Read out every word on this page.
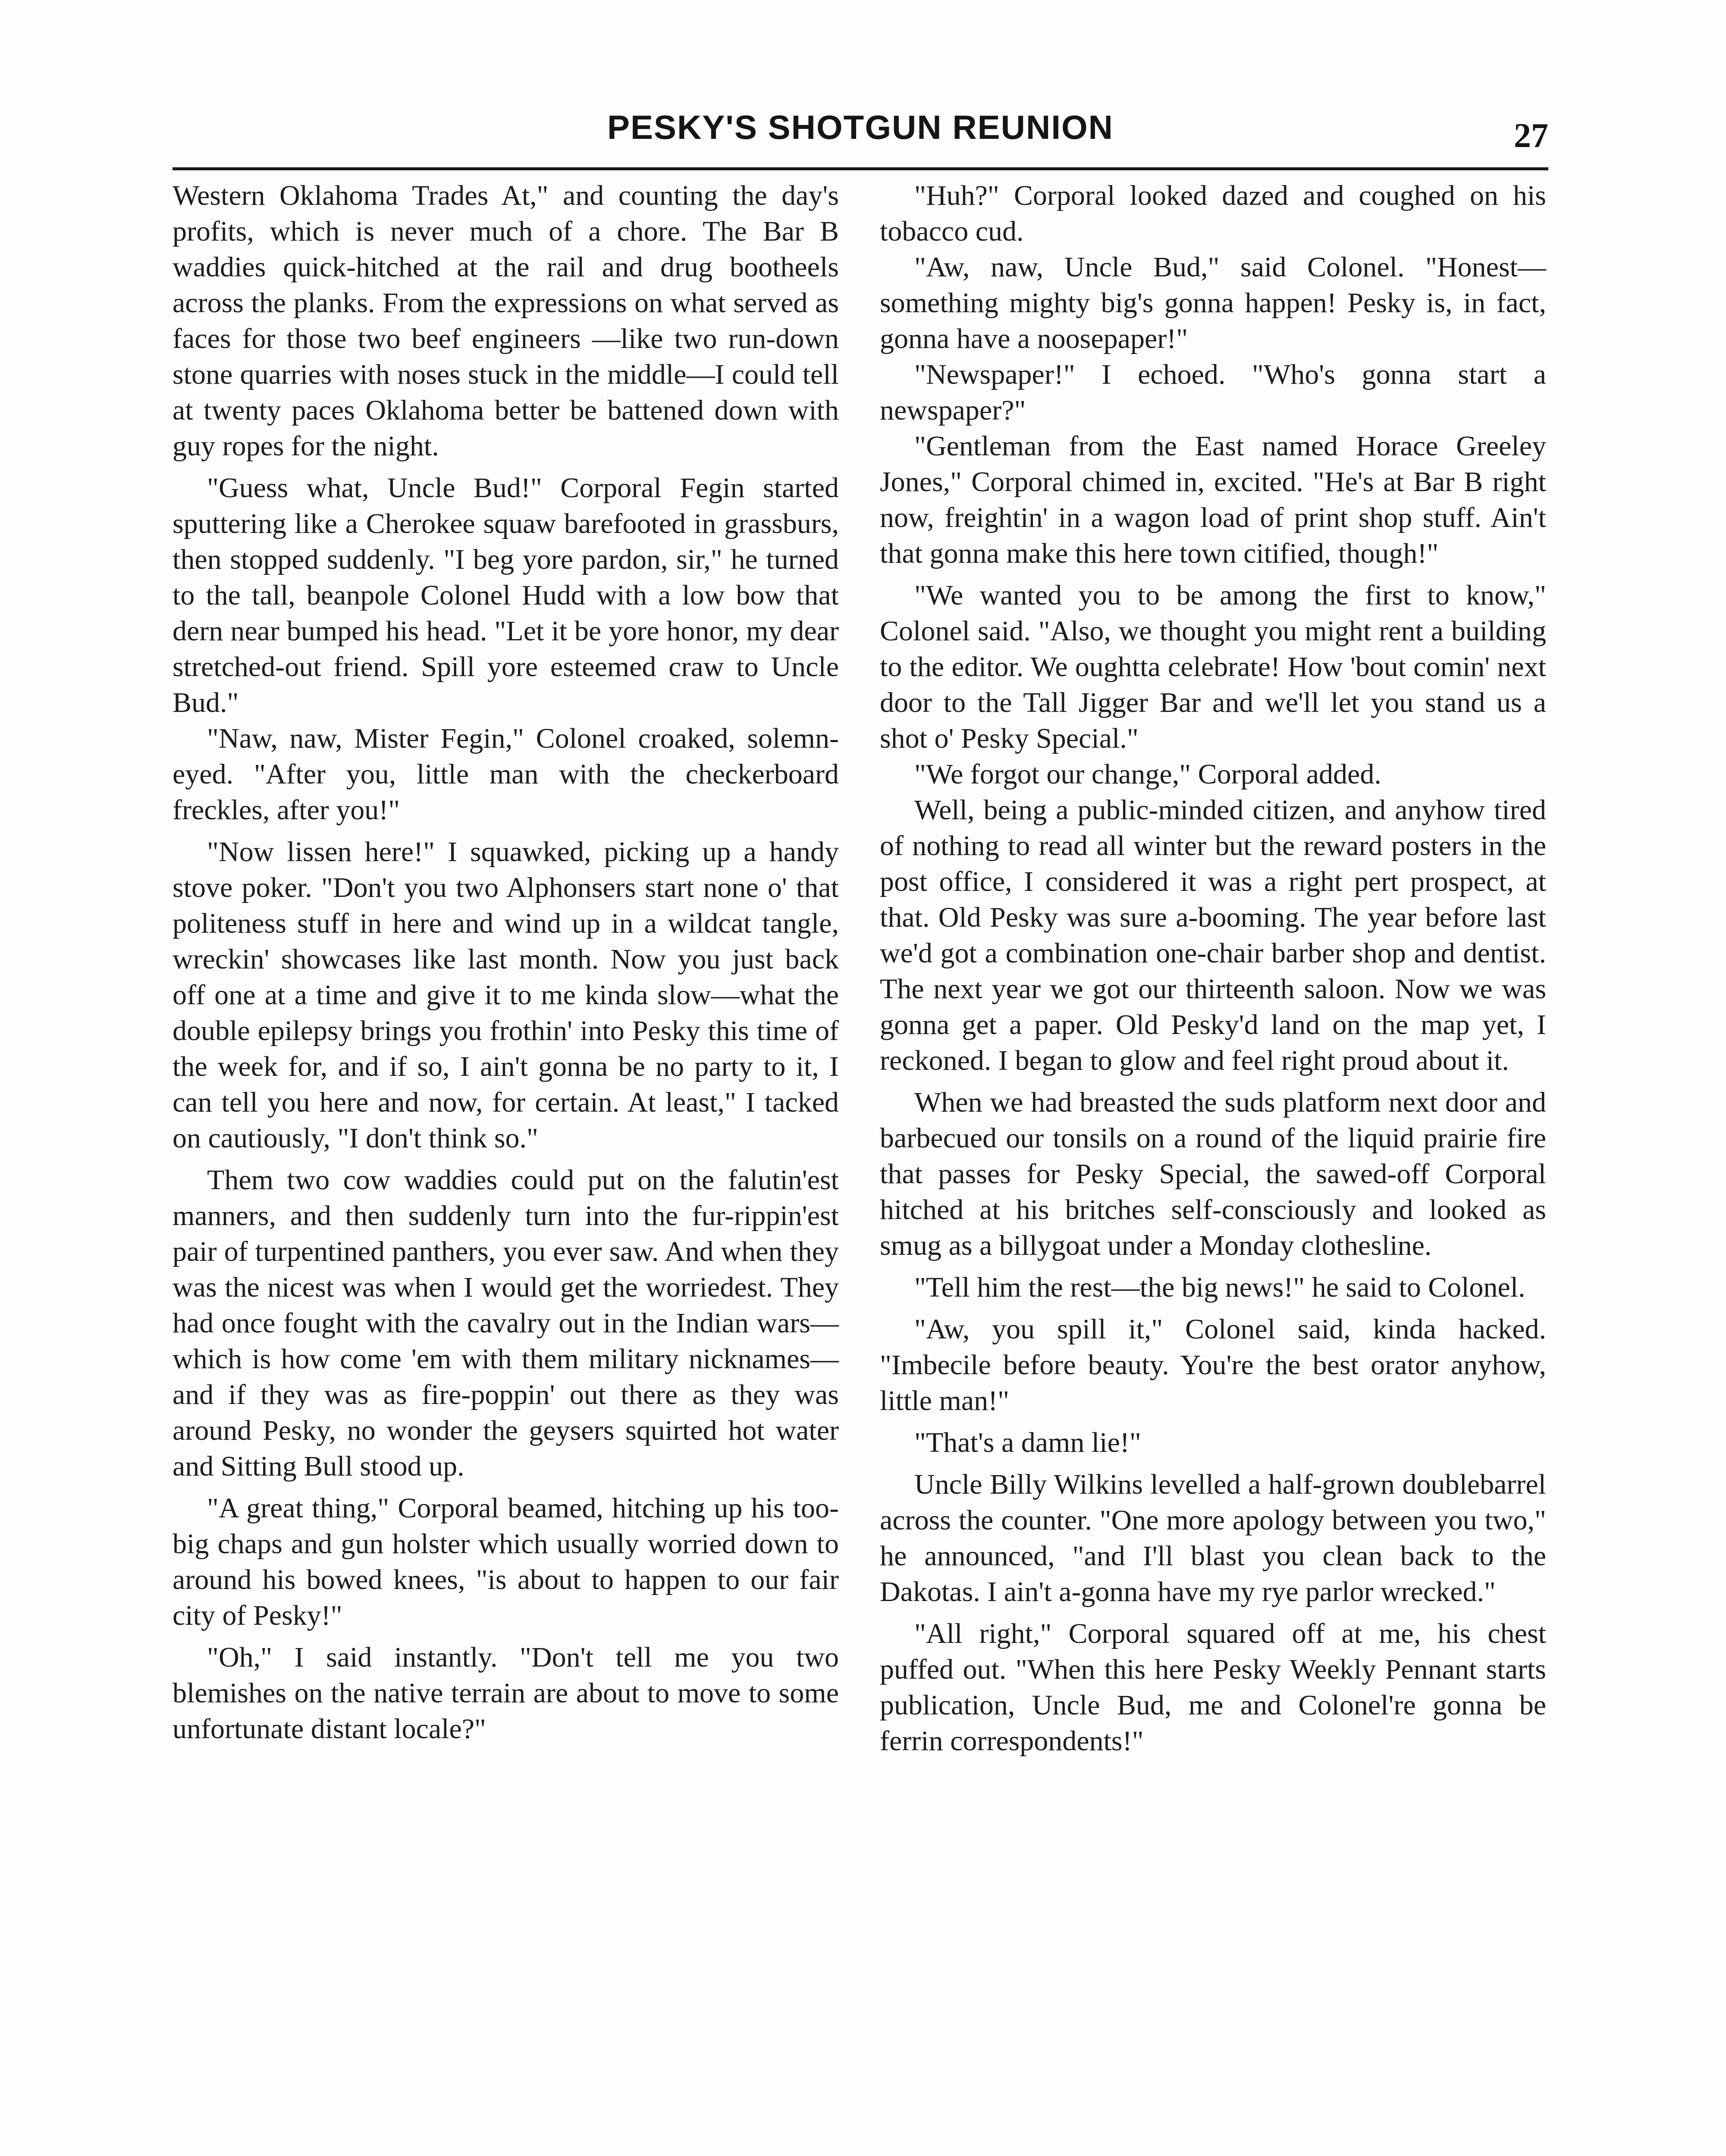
PESKY'S SHOTGUN REUNION	27

Western Oklahoma Trades At," and counting the day's profits, which is never much of a chore. The Bar B waddies quick-hitched at the rail and drug bootheels across the planks. From the expressions on what served as faces for those two beef engineers —like two run-down stone quarries with noses stuck in the middle—I could tell at twenty paces Oklahoma better be battened down with guy ropes for the night.

"Guess what, Uncle Bud!" Corporal Fegin started sputtering like a Cherokee squaw barefooted in grassburs, then stopped suddenly. "I beg yore pardon, sir," he turned to the tall, beanpole Colonel Hudd with a low bow that dern near bumped his head. "Let it be yore honor, my dear stretched-out friend. Spill yore esteemed craw to Uncle Bud."

"Naw, naw, Mister Fegin," Colonel croaked, solemn-eyed. "After you, little man with the checkerboard freckles, after you!"

"Now lissen here!" I squawked, picking up a handy stove poker. "Don't you two Alphonsers start none o' that politeness stuff in here and wind up in a wildcat tangle, wreckin' showcases like last month. Now you just back off one at a time and give it to me kinda slow—what the double epilepsy brings you frothin' into Pesky this time of the week for, and if so, I ain't gonna be no party to it, I can tell you here and now, for certain. At least," I tacked on cautiously, "I don't think so."

Them two cow waddies could put on the falutin'est manners, and then suddenly turn into the fur-rippin'est pair of turpentined panthers, you ever saw. And when they was the nicest was when I would get the worriedest. They had once fought with the cavalry out in the Indian wars—which is how come 'em with them military nicknames—and if they was as fire-poppin' out there as they was around Pesky, no wonder the geysers squirted hot water and Sitting Bull stood up.

"A great thing," Corporal beamed, hitching up his too-big chaps and gun holster which usually worried down to around his bowed knees, "is about to happen to our fair city of Pesky!"

"Oh," I said instantly. "Don't tell me you two blemishes on the native terrain are about to move to some unfortunate distant locale?"

"Huh?" Corporal looked dazed and coughed on his tobacco cud.

"Aw, naw, Uncle Bud," said Colonel. "Honest—something mighty big's gonna happen! Pesky is, in fact, gonna have a noosepaper!"

"Newspaper!" I echoed. "Who's gonna start a newspaper?"

"Gentleman from the East named Horace Greeley Jones," Corporal chimed in, excited. "He's at Bar B right now, freightin' in a wagon load of print shop stuff. Ain't that gonna make this here town citified, though!"

"We wanted you to be among the first to know," Colonel said. "Also, we thought you might rent a building to the editor. We oughtta celebrate! How 'bout comin' next door to the Tall Jigger Bar and we'll let you stand us a shot o' Pesky Special."

"We forgot our change," Corporal added.

Well, being a public-minded citizen, and anyhow tired of nothing to read all winter but the reward posters in the post office, I considered it was a right pert prospect, at that. Old Pesky was sure a-booming. The year before last we'd got a combination one-chair barber shop and dentist. The next year we got our thirteenth saloon. Now we was gonna get a paper. Old Pesky'd land on the map yet, I reckoned. I began to glow and feel right proud about it.

When we had breasted the suds platform next door and barbecued our tonsils on a round of the liquid prairie fire that passes for Pesky Special, the sawed-off Corporal hitched at his britches self-consciously and looked as smug as a billygoat under a Monday clothesline.

"Tell him the rest—the big news!" he said to Colonel.

"Aw, you spill it," Colonel said, kinda hacked. "Imbecile before beauty. You're the best orator anyhow, little man!"

"That's a damn lie!"

Uncle Billy Wilkins levelled a half-grown doublebarrel across the counter. "One more apology between you two," he announced, "and I'll blast you clean back to the Dakotas. I ain't a-gonna have my rye parlor wrecked."

"All right," Corporal squared off at me, his chest puffed out. "When this here Pesky Weekly Pennant starts publication, Uncle Bud, me and Colonel're gonna be ferrin correspondents!"
